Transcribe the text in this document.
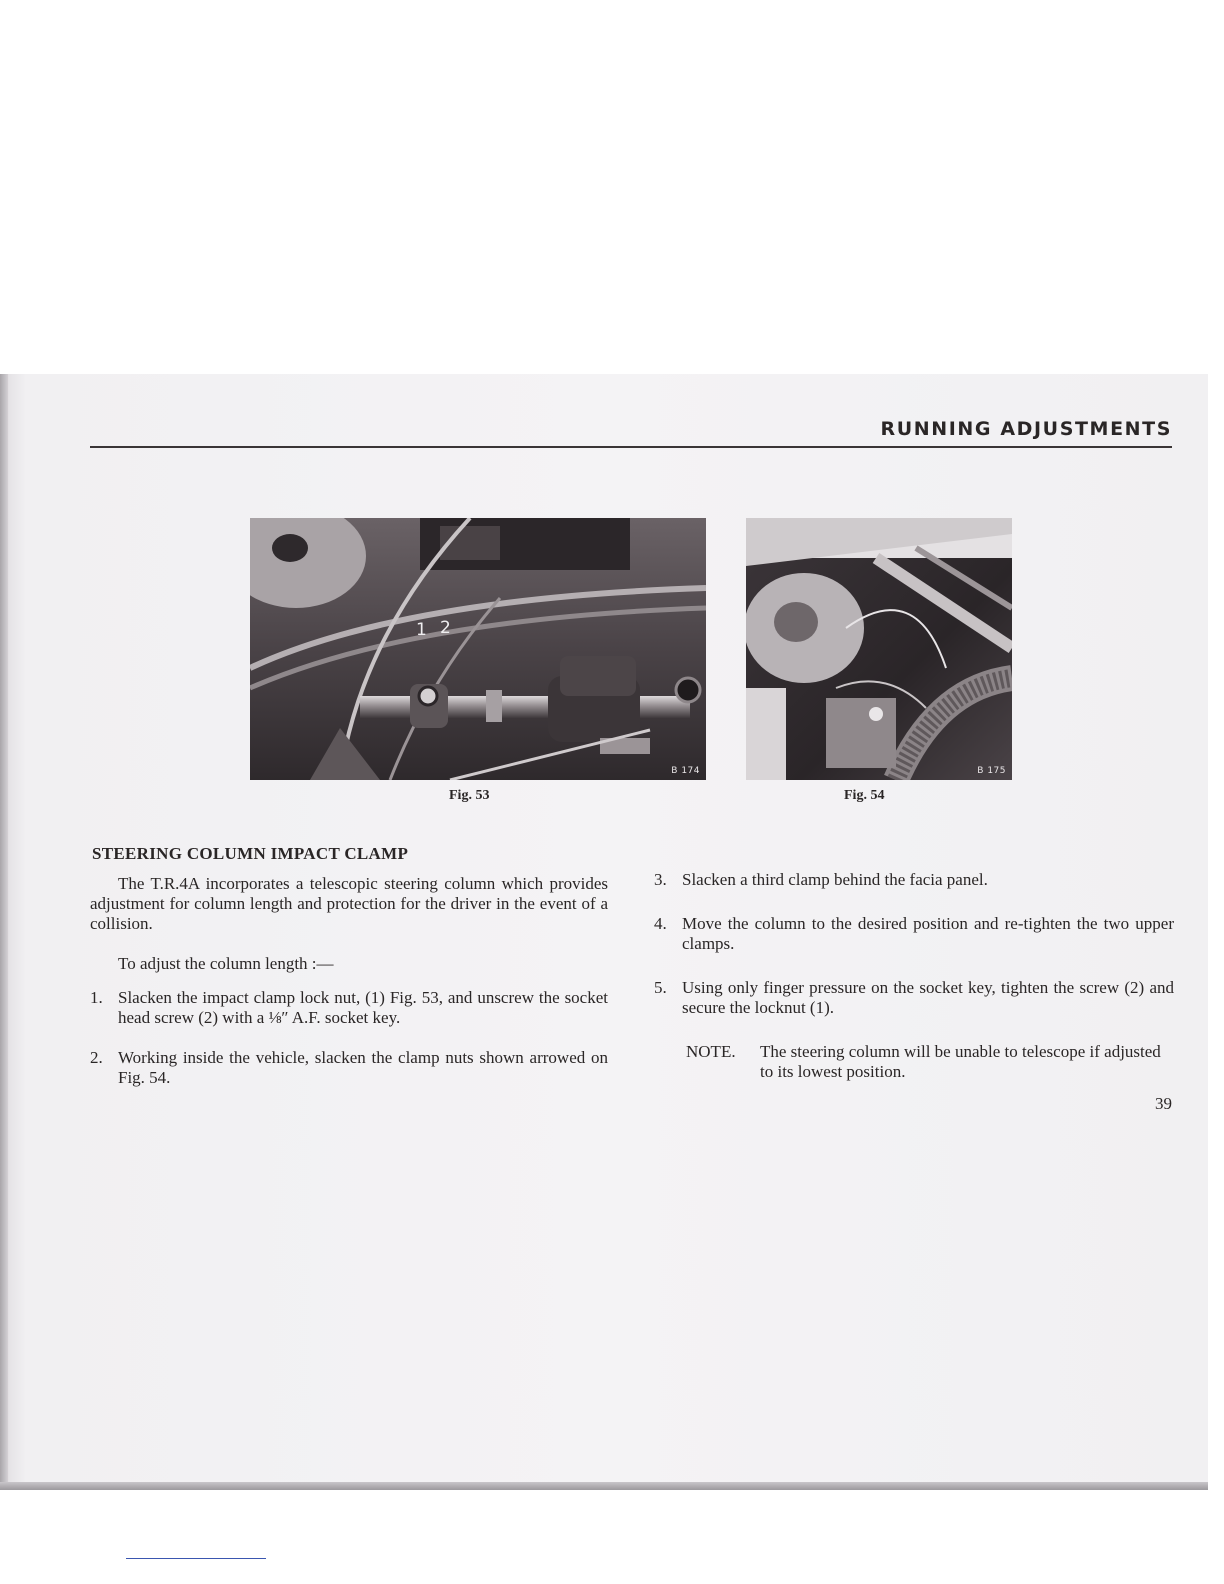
RUNNING ADJUSTMENTS
1 2
B 174	B 175
Fig. 53	Fig. 54
STEERING COLUMN IMPACT CLAMP

The T.R.4A incorporates a telescopic steering column which provides adjustment for column length and protection for the driver in the event of a collision.

To adjust the column length :—

1. Slacken the impact clamp lock nut, (1) Fig. 53, and unscrew the socket head screw (2) with a ⅛″ A.F. socket key.
2. Working inside the vehicle, slacken the clamp nuts shown arrowed on Fig. 54.
3. Slacken a third clamp behind the facia panel.
4. Move the column to the desired position and re-tighten the two upper clamps.
5. Using only finger pressure on the socket key, tighten the screw (2) and secure the locknut (1).
NOTE.	The steering column will be unable to telescope if adjusted to its lowest position.
39
